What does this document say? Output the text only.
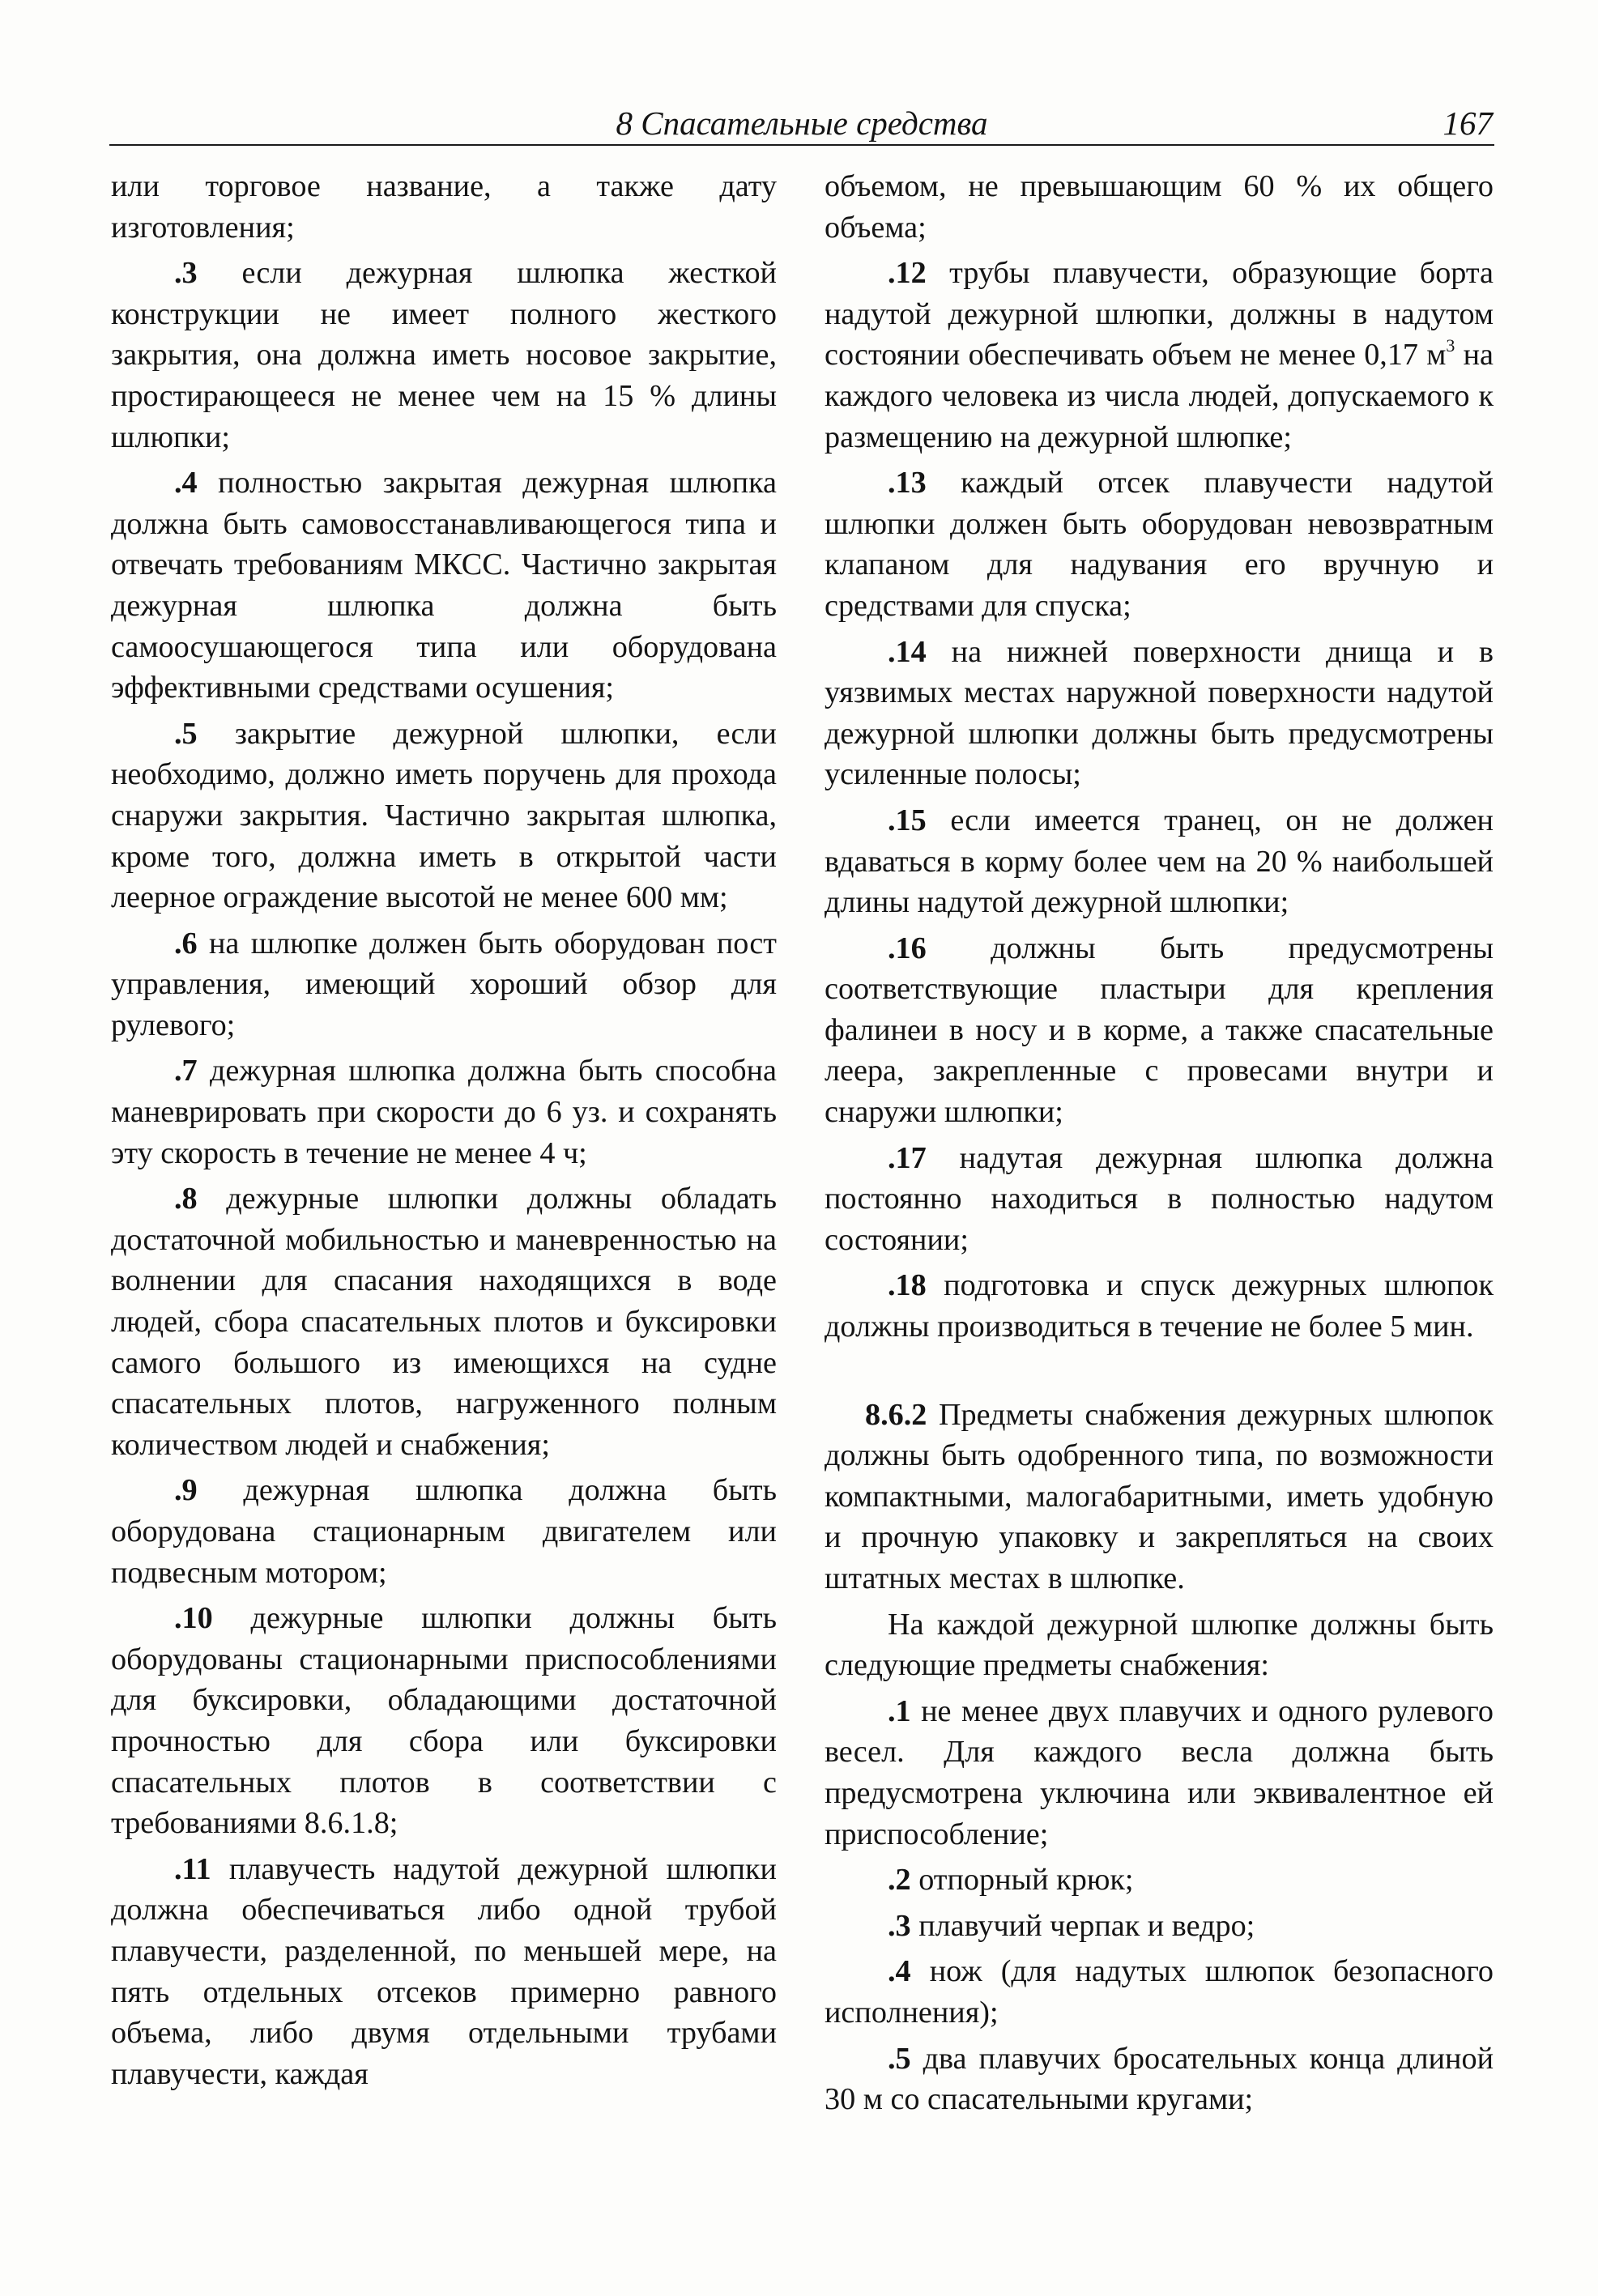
8 Спасательные средства	167

или торговое название, а также дату изготовления;

.3 если дежурная шлюпка жесткой конструкции не имеет полного жесткого закрытия, она должна иметь носовое закрытие, простирающееся не менее чем на 15 % длины шлюпки;

.4 полностью закрытая дежурная шлюпка должна быть самовосстанавливающегося типа и отвечать требованиям МКСС. Частично закрытая дежурная шлюпка должна быть самоосушающегося типа или оборудована эффективными средствами осушения;

.5 закрытие дежурной шлюпки, если необходимо, должно иметь поручень для прохода снаружи закрытия. Частично закрытая шлюпка, кроме того, должна иметь в открытой части леерное ограждение высотой не менее 600 мм;

.6 на шлюпке должен быть оборудован пост управления, имеющий хороший обзор для рулевого;

.7 дежурная шлюпка должна быть способна маневрировать при скорости до 6 уз. и сохранять эту скорость в течение не менее 4 ч;

.8 дежурные шлюпки должны обладать достаточной мобильностью и маневренностью на волнении для спасания находящихся в воде людей, сбора спасательных плотов и буксировки самого большого из имеющихся на судне спасательных плотов, нагруженного полным количеством людей и снабжения;

.9 дежурная шлюпка должна быть оборудована стационарным двигателем или подвесным мотором;

.10 дежурные шлюпки должны быть оборудованы стационарными приспособлениями для буксировки, обладающими достаточной прочностью для сбора или буксировки спасательных плотов в соответствии с требованиями 8.6.1.8;

.11 плавучесть надутой дежурной шлюпки должна обеспечиваться либо одной трубой плавучести, разделенной, по меньшей мере, на пять отдельных отсеков примерно равного объема, либо двумя отдельными трубами плавучести, каждая

объемом, не превышающим 60 % их общего объема;

.12 трубы плавучести, образующие борта надутой дежурной шлюпки, должны в надутом состоянии обеспечивать объем не менее 0,17 $м^3$ на каждого человека из числа людей, допускаемого к размещению на дежурной шлюпке;

.13 каждый отсек плавучести надутой шлюпки должен быть оборудован невозвратным клапаном для надувания его вручную и средствами для спуска;

.14 на нижней поверхности днища и в уязвимых местах наружной поверхности надутой дежурной шлюпки должны быть предусмотрены усиленные полосы;

.15 если имеется транец, он не должен вдаваться в корму более чем на 20 % наибольшей длины надутой дежурной шлюпки;

.16 должны быть предусмотрены соответствующие пластыри для крепления фалинеи в носу и в корме, а также спасательные леера, закрепленные с провесами внутри и снаружи шлюпки;

.17 надутая дежурная шлюпка должна постоянно находиться в полностью надутом состоянии;

.18 подготовка и спуск дежурных шлюпок должны производиться в течение не более 5 мин.

8.6.2 Предметы снабжения дежурных шлюпок должны быть одобренного типа, по возможности компактными, малогабаритными, иметь удобную и прочную упаковку и закрепляться на своих штатных местах в шлюпке.

На каждой дежурной шлюпке должны быть следующие предметы снабжения:

.1 не менее двух плавучих и одного рулевого весел. Для каждого весла должна быть предусмотрена уключина или эквивалентное ей приспособление;

.2 отпорный крюк;

.3 плавучий черпак и ведро;

.4 нож (для надутых шлюпок безопасного исполнения);

.5 два плавучих бросательных конца длиной 30 м со спасательными кругами;
